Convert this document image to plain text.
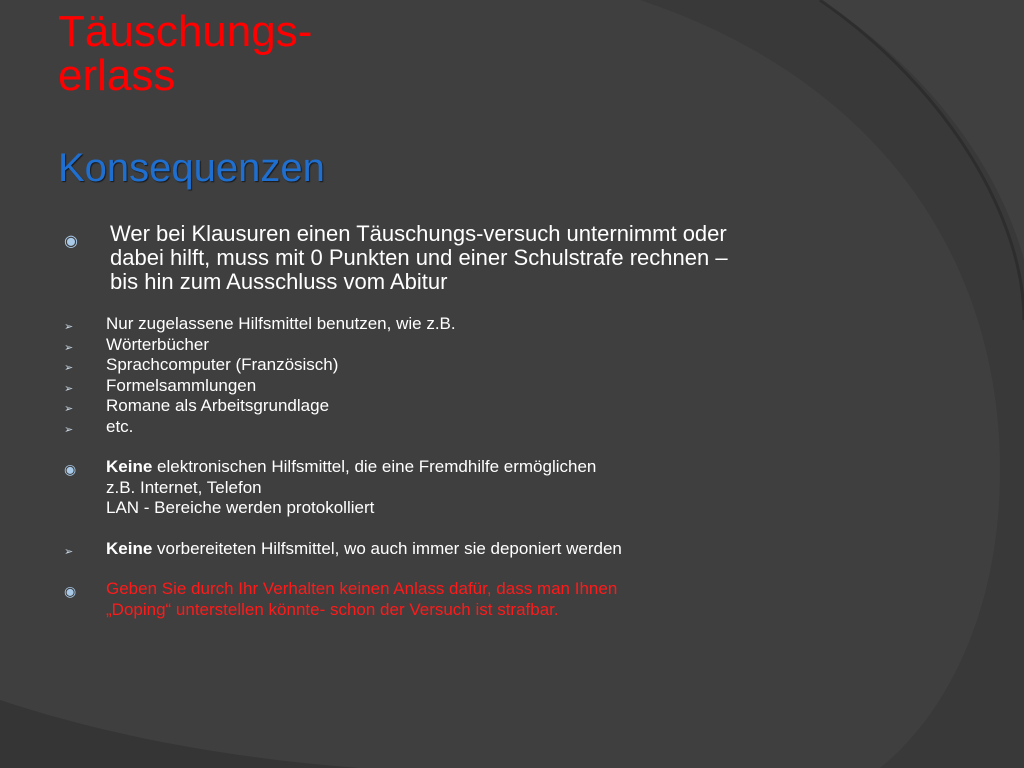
Täuschungs-
erlass
Konsequenzen
◉ Wer bei Klausuren einen Täuschungs-versuch unternimmt oder
dabei hilft, muss mit 0 Punkten und einer Schulstrafe rechnen –
bis hin zum Ausschluss vom Abitur
➢ Nur zugelassene Hilfsmittel benutzen, wie z.B.
➢ Wörterbücher
➢ Sprachcomputer (Französisch)
➢ Formelsammlungen
➢ Romane als Arbeitsgrundlage
➢ etc.
◉ Keine elektronischen Hilfsmittel, die eine Fremdhilfe ermöglichen
z.B. Internet, Telefon
LAN - Bereiche werden protokolliert
➢ Keine vorbereiteten Hilfsmittel, wo auch immer sie deponiert werden
◉ Geben Sie durch Ihr Verhalten keinen Anlass dafür, dass man Ihnen
„Doping“ unterstellen könnte- schon der Versuch ist strafbar.
